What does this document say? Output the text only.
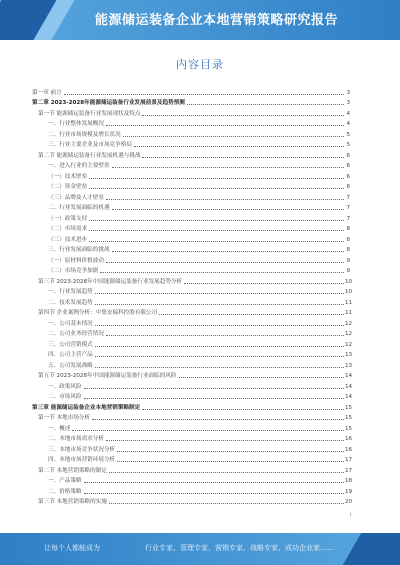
能源储运装备企业本地营销策略研究报告
内容目录
第一章 前言	3
第二章 2023-2028年能源储运装备行业发展前景及趋势预测	3
第一节 能源储运装备行业发展现状及特点	4
一、行业整体发展概况	4
二、行业市场规模及增长状况	5
三、行业主要企业及市场竞争格局	5
第二节 能源储运装备行业发展机遇与挑战	6
一、进入行业的主要壁垒	6
（一）技术壁垒	6
（二）资金壁垒	6
（三）品牌及人才壁垒	7
二、行业发展面临的机遇	7
（一）政策支持	7
（二）市场需求	8
（三）技术进步	8
三、行业发展面临的挑战	8
（一）原材料价格波动	9
（二）市场竞争加剧	9
第三节 2023-2028年中国能源储运装备行业发展趋势分析	10
一、行业发展趋势	10
二、技术发展趋势	11
第四节 企业案例分析：中集安瑞科控股有限公司	11
一、公司基本情况	12
二、公司业务经营情况	12
三、公司营销模式	12
四、公司主营产品	13
五、公司发展战略	13
第五节 2023-2028年中国能源储运装备行业面临的风险	14
一、政策风险	14
二、市场风险	14
第三章 能源储运装备企业本地营销策略制定	15
第一节 本地市场分析	15
一、概述	15
二、本地市场需求分析	16
三、本地市场竞争状况分析	16
四、本地市场营销环境分析	17
第二节 本地营销策略的制定	17
一、产品策略	18
二、价格策略	19
第三节 本地营销策略的实施	20
1
让每个人都能成为	行业专家、管理专家、营销专家、战略专家、成功企业家……
